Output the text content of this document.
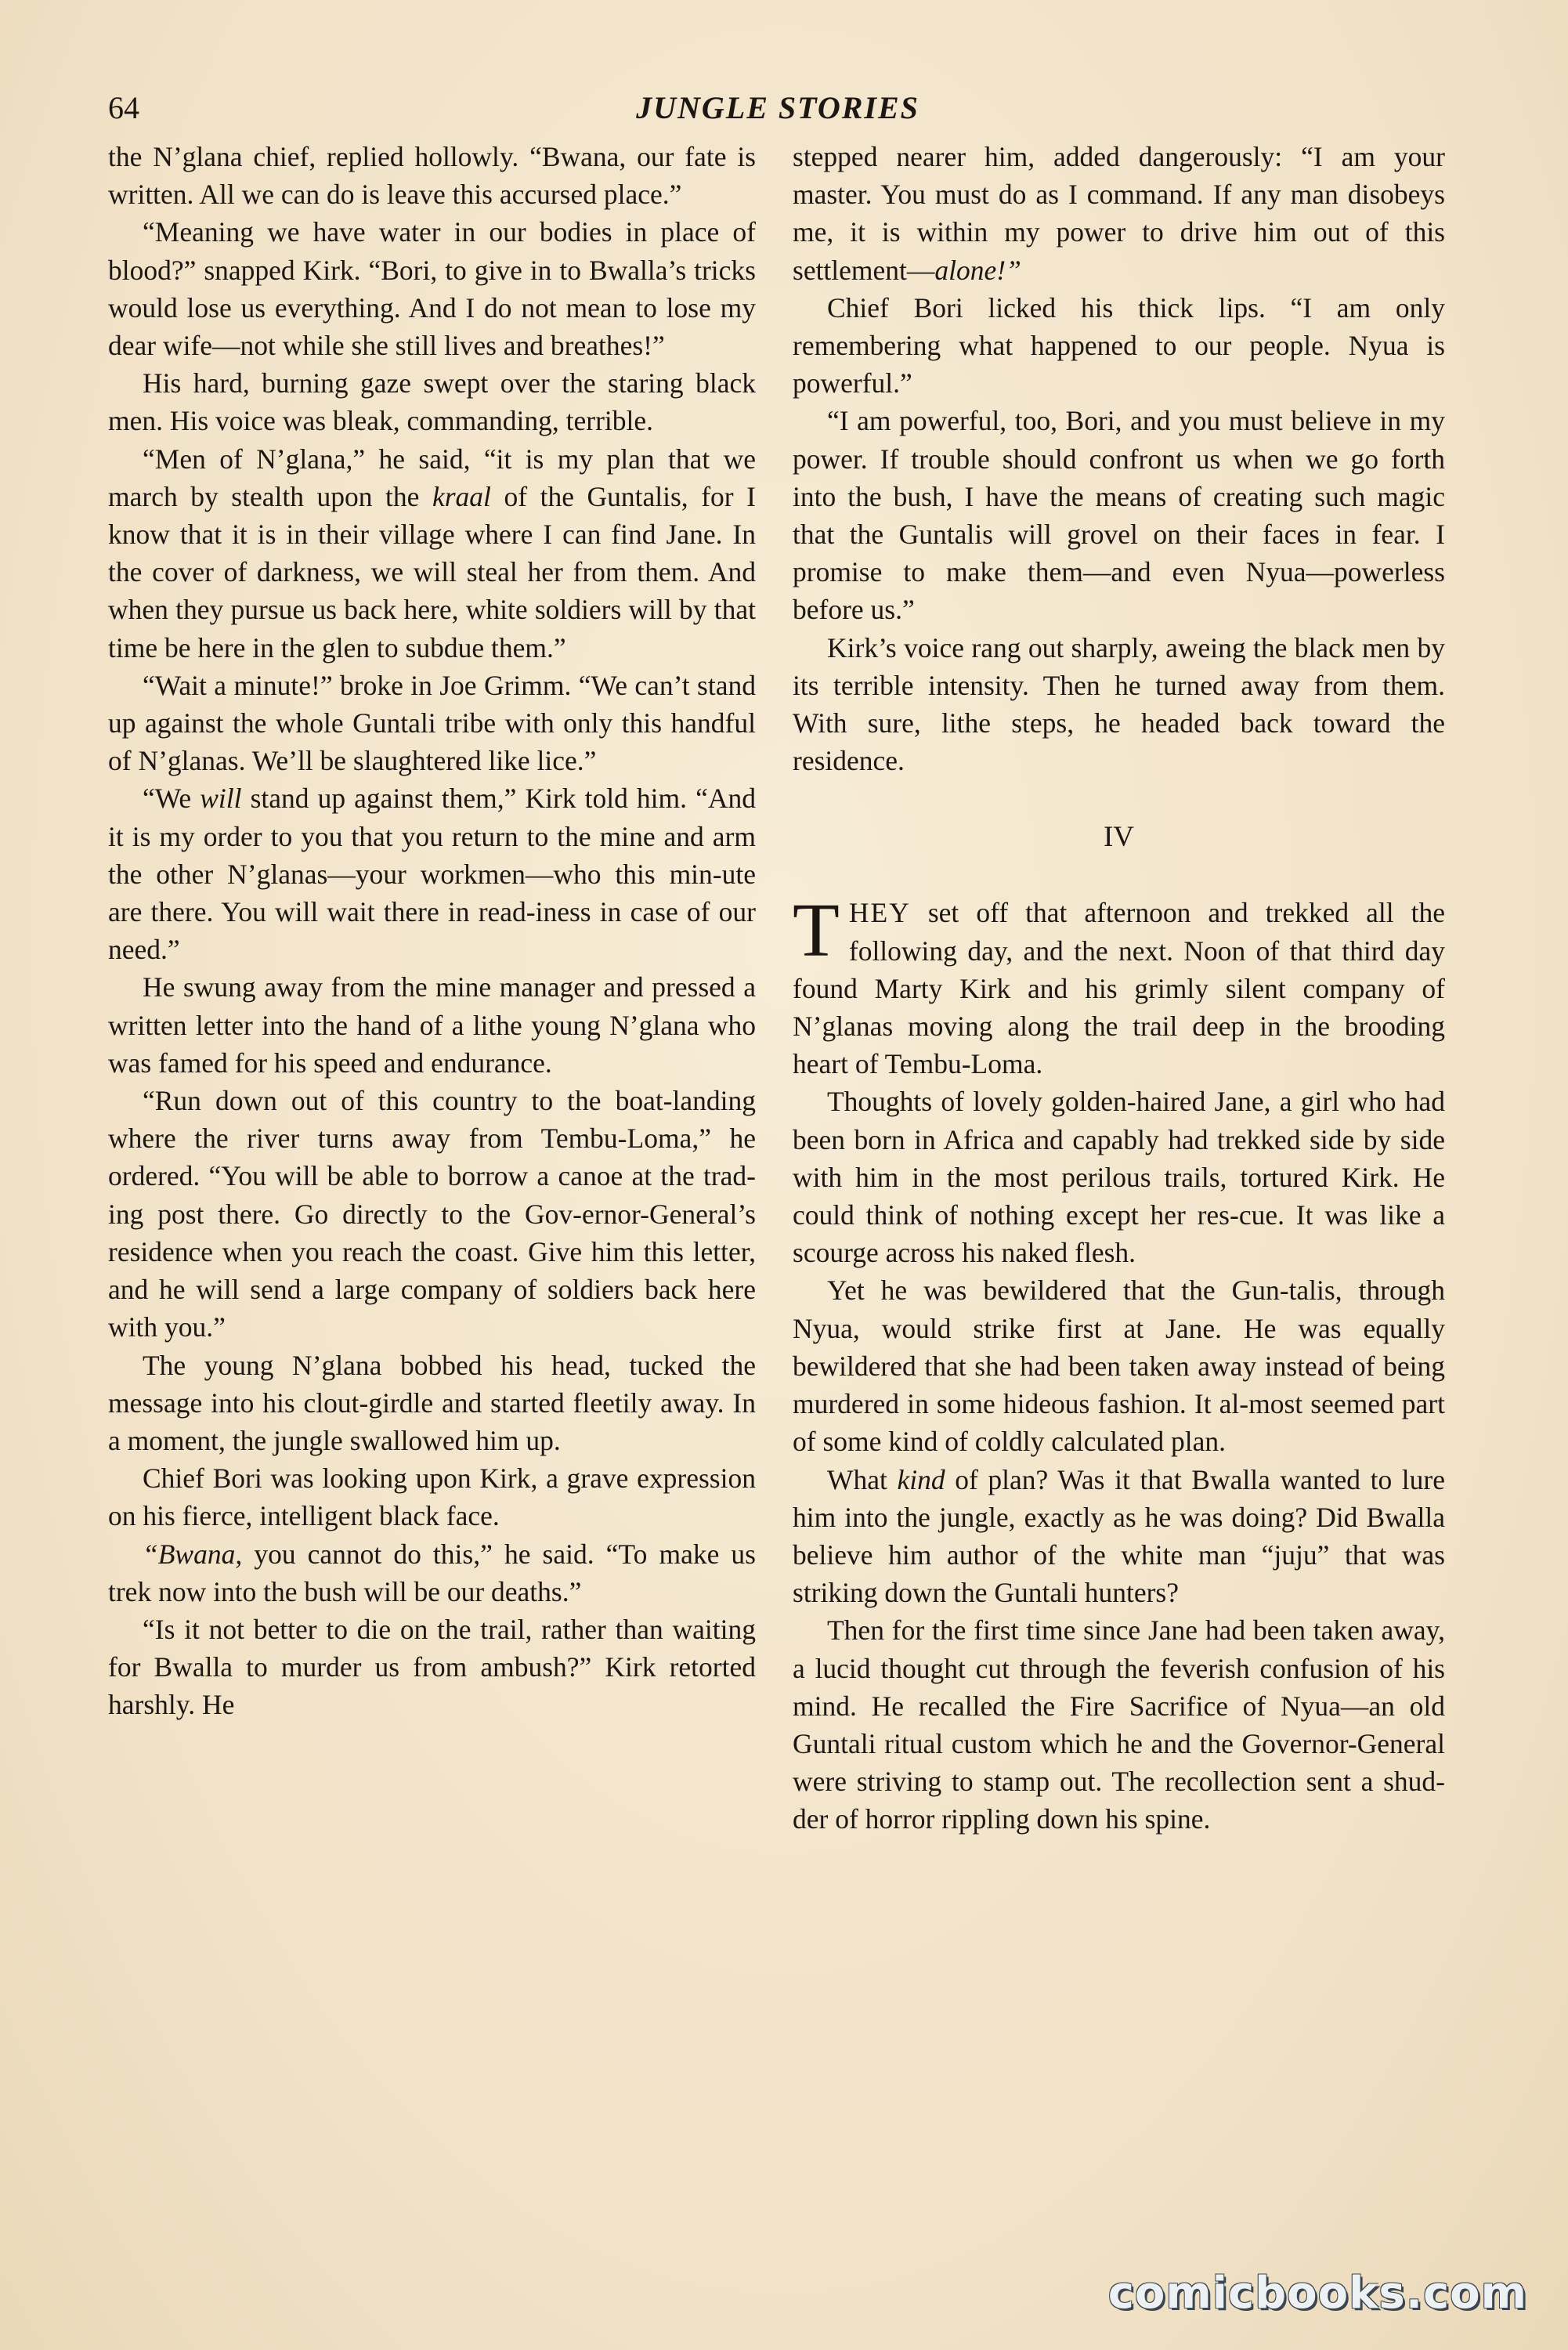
64	JUNGLE STORIES

the N’glana chief, replied hollowly. “Bwana, our fate is written. All we can do is leave this accursed place.”

“Meaning we have water in our bodies in place of blood?” snapped Kirk. “Bori, to give in to Bwalla’s tricks would lose us everything. And I do not mean to lose my dear wife—not while she still lives and breathes!”

His hard, burning gaze swept over the staring black men. His voice was bleak, commanding, terrible.

“Men of N’glana,” he said, “it is my plan that we march by stealth upon the kraal of the Guntalis, for I know that it is in their village where I can find Jane. In the cover of darkness, we will steal her from them. And when they pursue us back here, white soldiers will by that time be here in the glen to subdue them.”

“Wait a minute!” broke in Joe Grimm. “We can’t stand up against the whole Guntali tribe with only this handful of N’glanas. We’ll be slaughtered like lice.”

“We will stand up against them,” Kirk told him. “And it is my order to you that you return to the mine and arm the other N’glanas—your workmen—who this min-ute are there. You will wait there in read-iness in case of our need.”

He swung away from the mine manager and pressed a written letter into the hand of a lithe young N’glana who was famed for his speed and endurance.

“Run down out of this country to the boat-landing where the river turns away from Tembu-Loma,” he ordered. “You will be able to borrow a canoe at the trad-ing post there. Go directly to the Gov-ernor-General’s residence when you reach the coast. Give him this letter, and he will send a large company of soldiers back here with you.”

The young N’glana bobbed his head, tucked the message into his clout-girdle and started fleetily away. In a moment, the jungle swallowed him up.

Chief Bori was looking upon Kirk, a grave expression on his fierce, intelligent black face.

“Bwana, you cannot do this,” he said. “To make us trek now into the bush will be our deaths.”

“Is it not better to die on the trail, rather than waiting for Bwalla to murder us from ambush?” Kirk retorted harshly. He

stepped nearer him, added dangerously: “I am your master. You must do as I command. If any man disobeys me, it is within my power to drive him out of this settlement—alone!”

Chief Bori licked his thick lips. “I am only remembering what happened to our people. Nyua is powerful.”

“I am powerful, too, Bori, and you must believe in my power. If trouble should confront us when we go forth into the bush, I have the means of creating such magic that the Guntalis will grovel on their faces in fear. I promise to make them—and even Nyua—powerless before us.”

Kirk’s voice rang out sharply, aweing the black men by its terrible intensity. Then he turned away from them. With sure, lithe steps, he headed back toward the residence.

IV

THEY set off that afternoon and trekked all the following day, and the next. Noon of that third day found Marty Kirk and his grimly silent company of N’glanas moving along the trail deep in the brooding heart of Tembu-Loma.

Thoughts of lovely golden-haired Jane, a girl who had been born in Africa and capably had trekked side by side with him in the most perilous trails, tortured Kirk. He could think of nothing except her res-cue. It was like a scourge across his naked flesh.

Yet he was bewildered that the Gun-talis, through Nyua, would strike first at Jane. He was equally bewildered that she had been taken away instead of being murdered in some hideous fashion. It al-most seemed part of some kind of coldly calculated plan.

What kind of plan? Was it that Bwalla wanted to lure him into the jungle, exactly as he was doing? Did Bwalla believe him author of the white man “juju” that was striking down the Guntali hunters?

Then for the first time since Jane had been taken away, a lucid thought cut through the feverish confusion of his mind. He recalled the Fire Sacrifice of Nyua—an old Guntali ritual custom which he and the Governor-General were striving to stamp out. The recollection sent a shud-der of horror rippling down his spine.

comicbooks.com
